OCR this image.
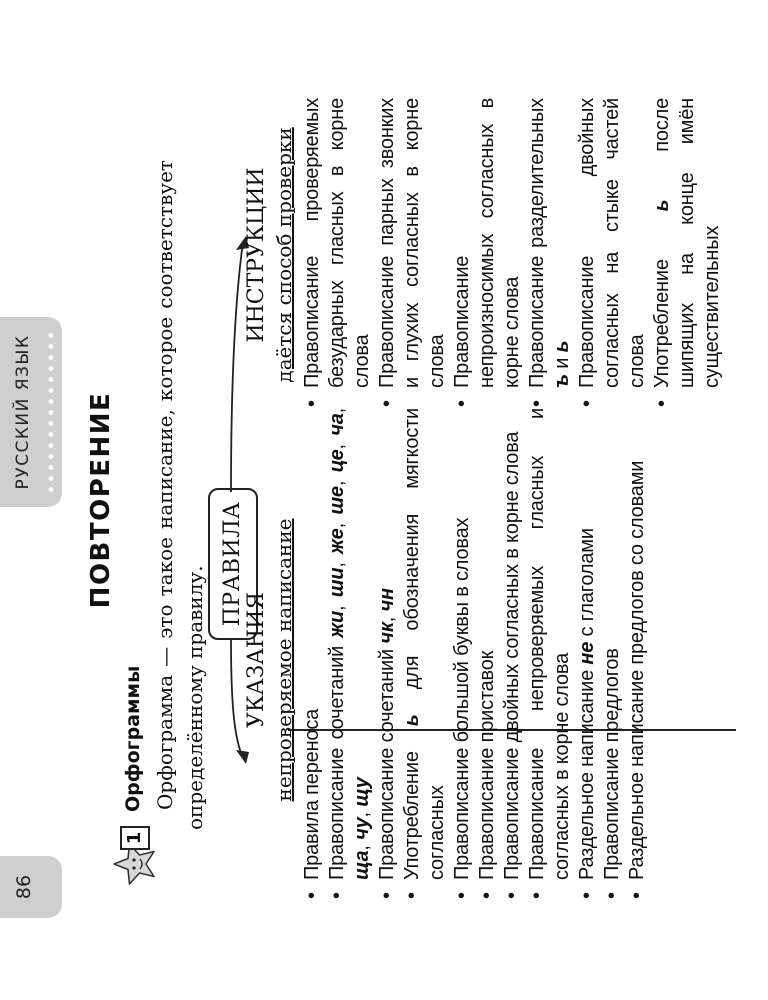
86
РУССКИЙ ЯЗЫК ПОВТОРЕНИЕ
1
Орфограммы Орфограмма — это такое написание, которое соответствует определённому правилу.
ПРАВИЛА
УКАЗАНИЯ непроверяемое написание
ИНСТРУКЦИИ даётся способ проверки
• Правила переноса • Правописание сочетаний жи, ши, же, ше, це, ча, ща, чу, щу • Правописание сочетаний чк, чн
• Употребление ь для обозначения мягкости согласных • Правописание большой буквы в словах • Правописание приставок • Правописание двойных согласных в корне слова • Правописание непроверяемых гласных и согласных в корне слова • Раздельное написание не с глаголами
• Правописание предлогов • Раздельное написание предлогов со словами
• Правописание проверяемых безударных гласных в корне слова • Правописание парных звонких и глухих согласных в корне слова • Правописание непроизносимых согласных в корне слова • Правописание разделительных ъ и ь • Правописание двойных согласных на стыке частей слова • Употребление ь после шипящих на конце имён существительных
